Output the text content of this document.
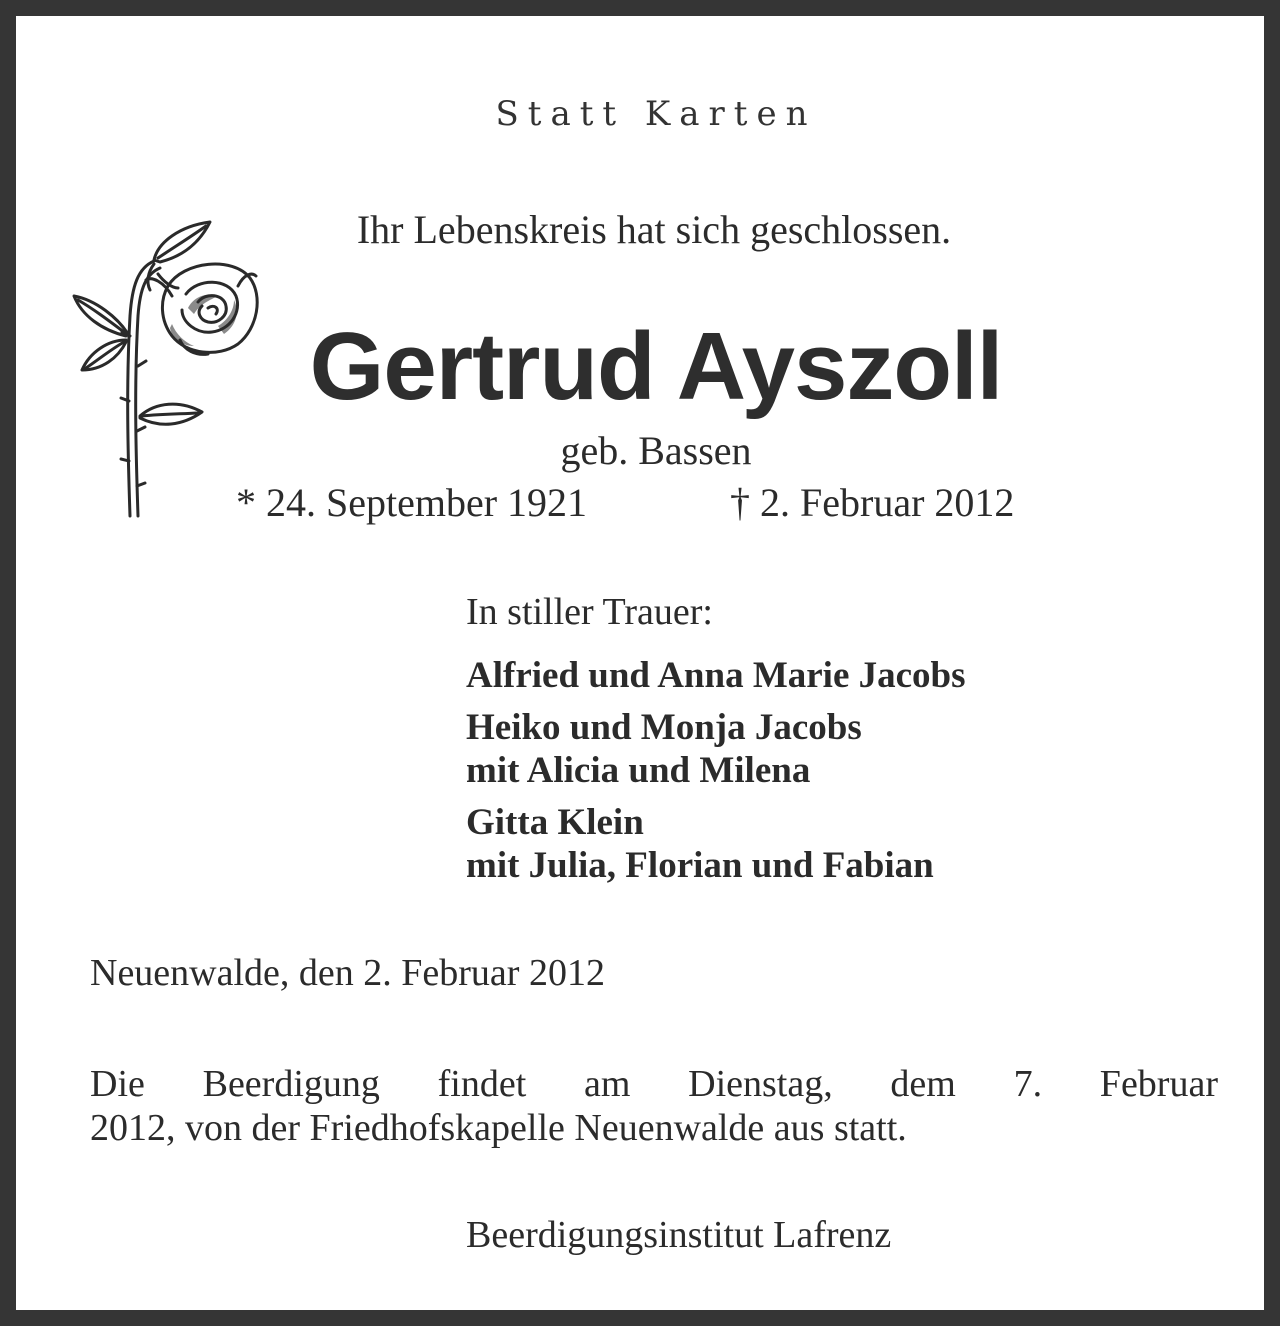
Statt Karten
Ihr Lebenskreis hat sich geschlossen.
Gertrud Ayszoll
geb. Bassen
* 24. September 1921	† 2. Februar 2012
In stiller Trauer:
Alfried und Anna Marie Jacobs
Heiko und Monja Jacobs
mit Alicia und Milena
Gitta Klein
mit Julia, Florian und Fabian
Neuenwalde, den 2. Februar 2012
Die Beerdigung findet am Dienstag, dem 7. Februar
2012, von der Friedhofskapelle Neuenwalde aus statt.
Beerdigungsinstitut Lafrenz
